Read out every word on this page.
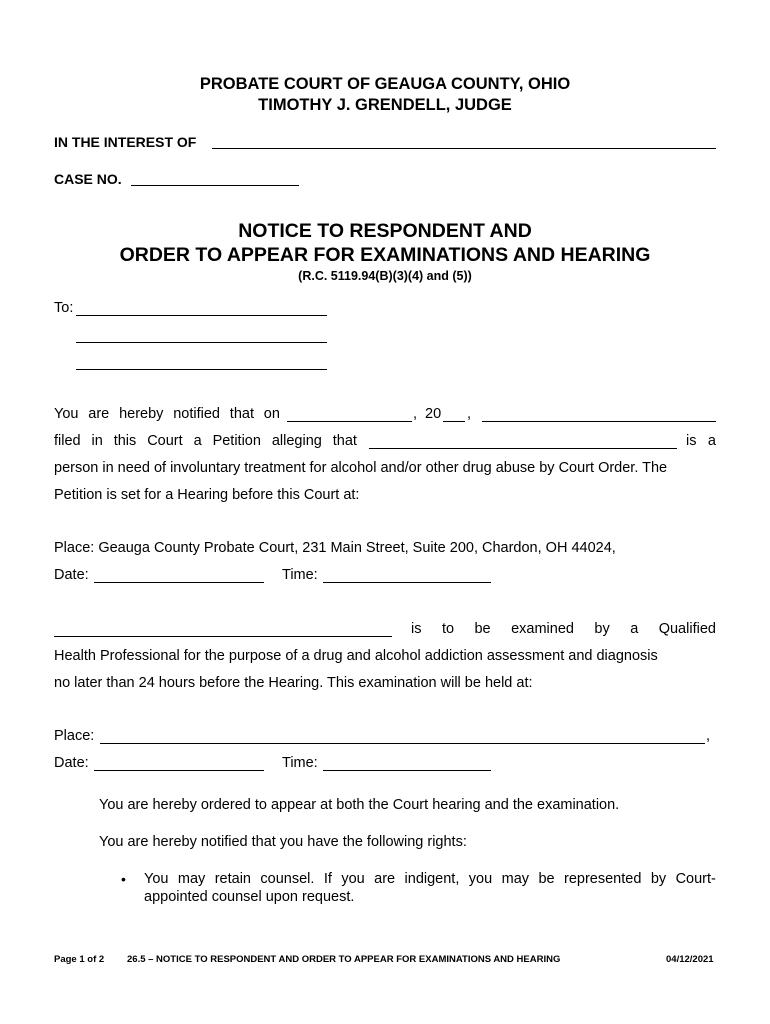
PROBATE COURT OF GEAUGA COUNTY, OHIO
TIMOTHY J. GRENDELL, JUDGE
IN THE INTEREST OF
CASE NO.
NOTICE TO RESPONDENT AND
ORDER TO APPEAR FOR EXAMINATIONS AND HEARING
(R.C. 5119.94(B)(3)(4) and (5))
To:
You are hereby notified that on	, 20 ,
filed in this Court a Petition alleging that	is a
person in need of involuntary treatment for alcohol and/or other drug abuse by Court Order. The
Petition is set for a Hearing before this Court at:
Place: Geauga County Probate Court, 231 Main Street, Suite 200, Chardon, OH 44024,
Date:	Time:
is to be examined by a Qualified
Health Professional for the purpose of a drug and alcohol addiction assessment and diagnosis
no later than 24 hours before the Hearing. This examination will be held at:
Place:	,
Date:	Time:
You are hereby ordered to appear at both the Court hearing and the examination.
You are hereby notified that you have the following rights:
• You may retain counsel. If you are indigent, you may be represented by Court-
appointed counsel upon request.
Page 1 of 2 26.5 – NOTICE TO RESPONDENT AND ORDER TO APPEAR FOR EXAMINATIONS AND HEARING	04/12/2021
